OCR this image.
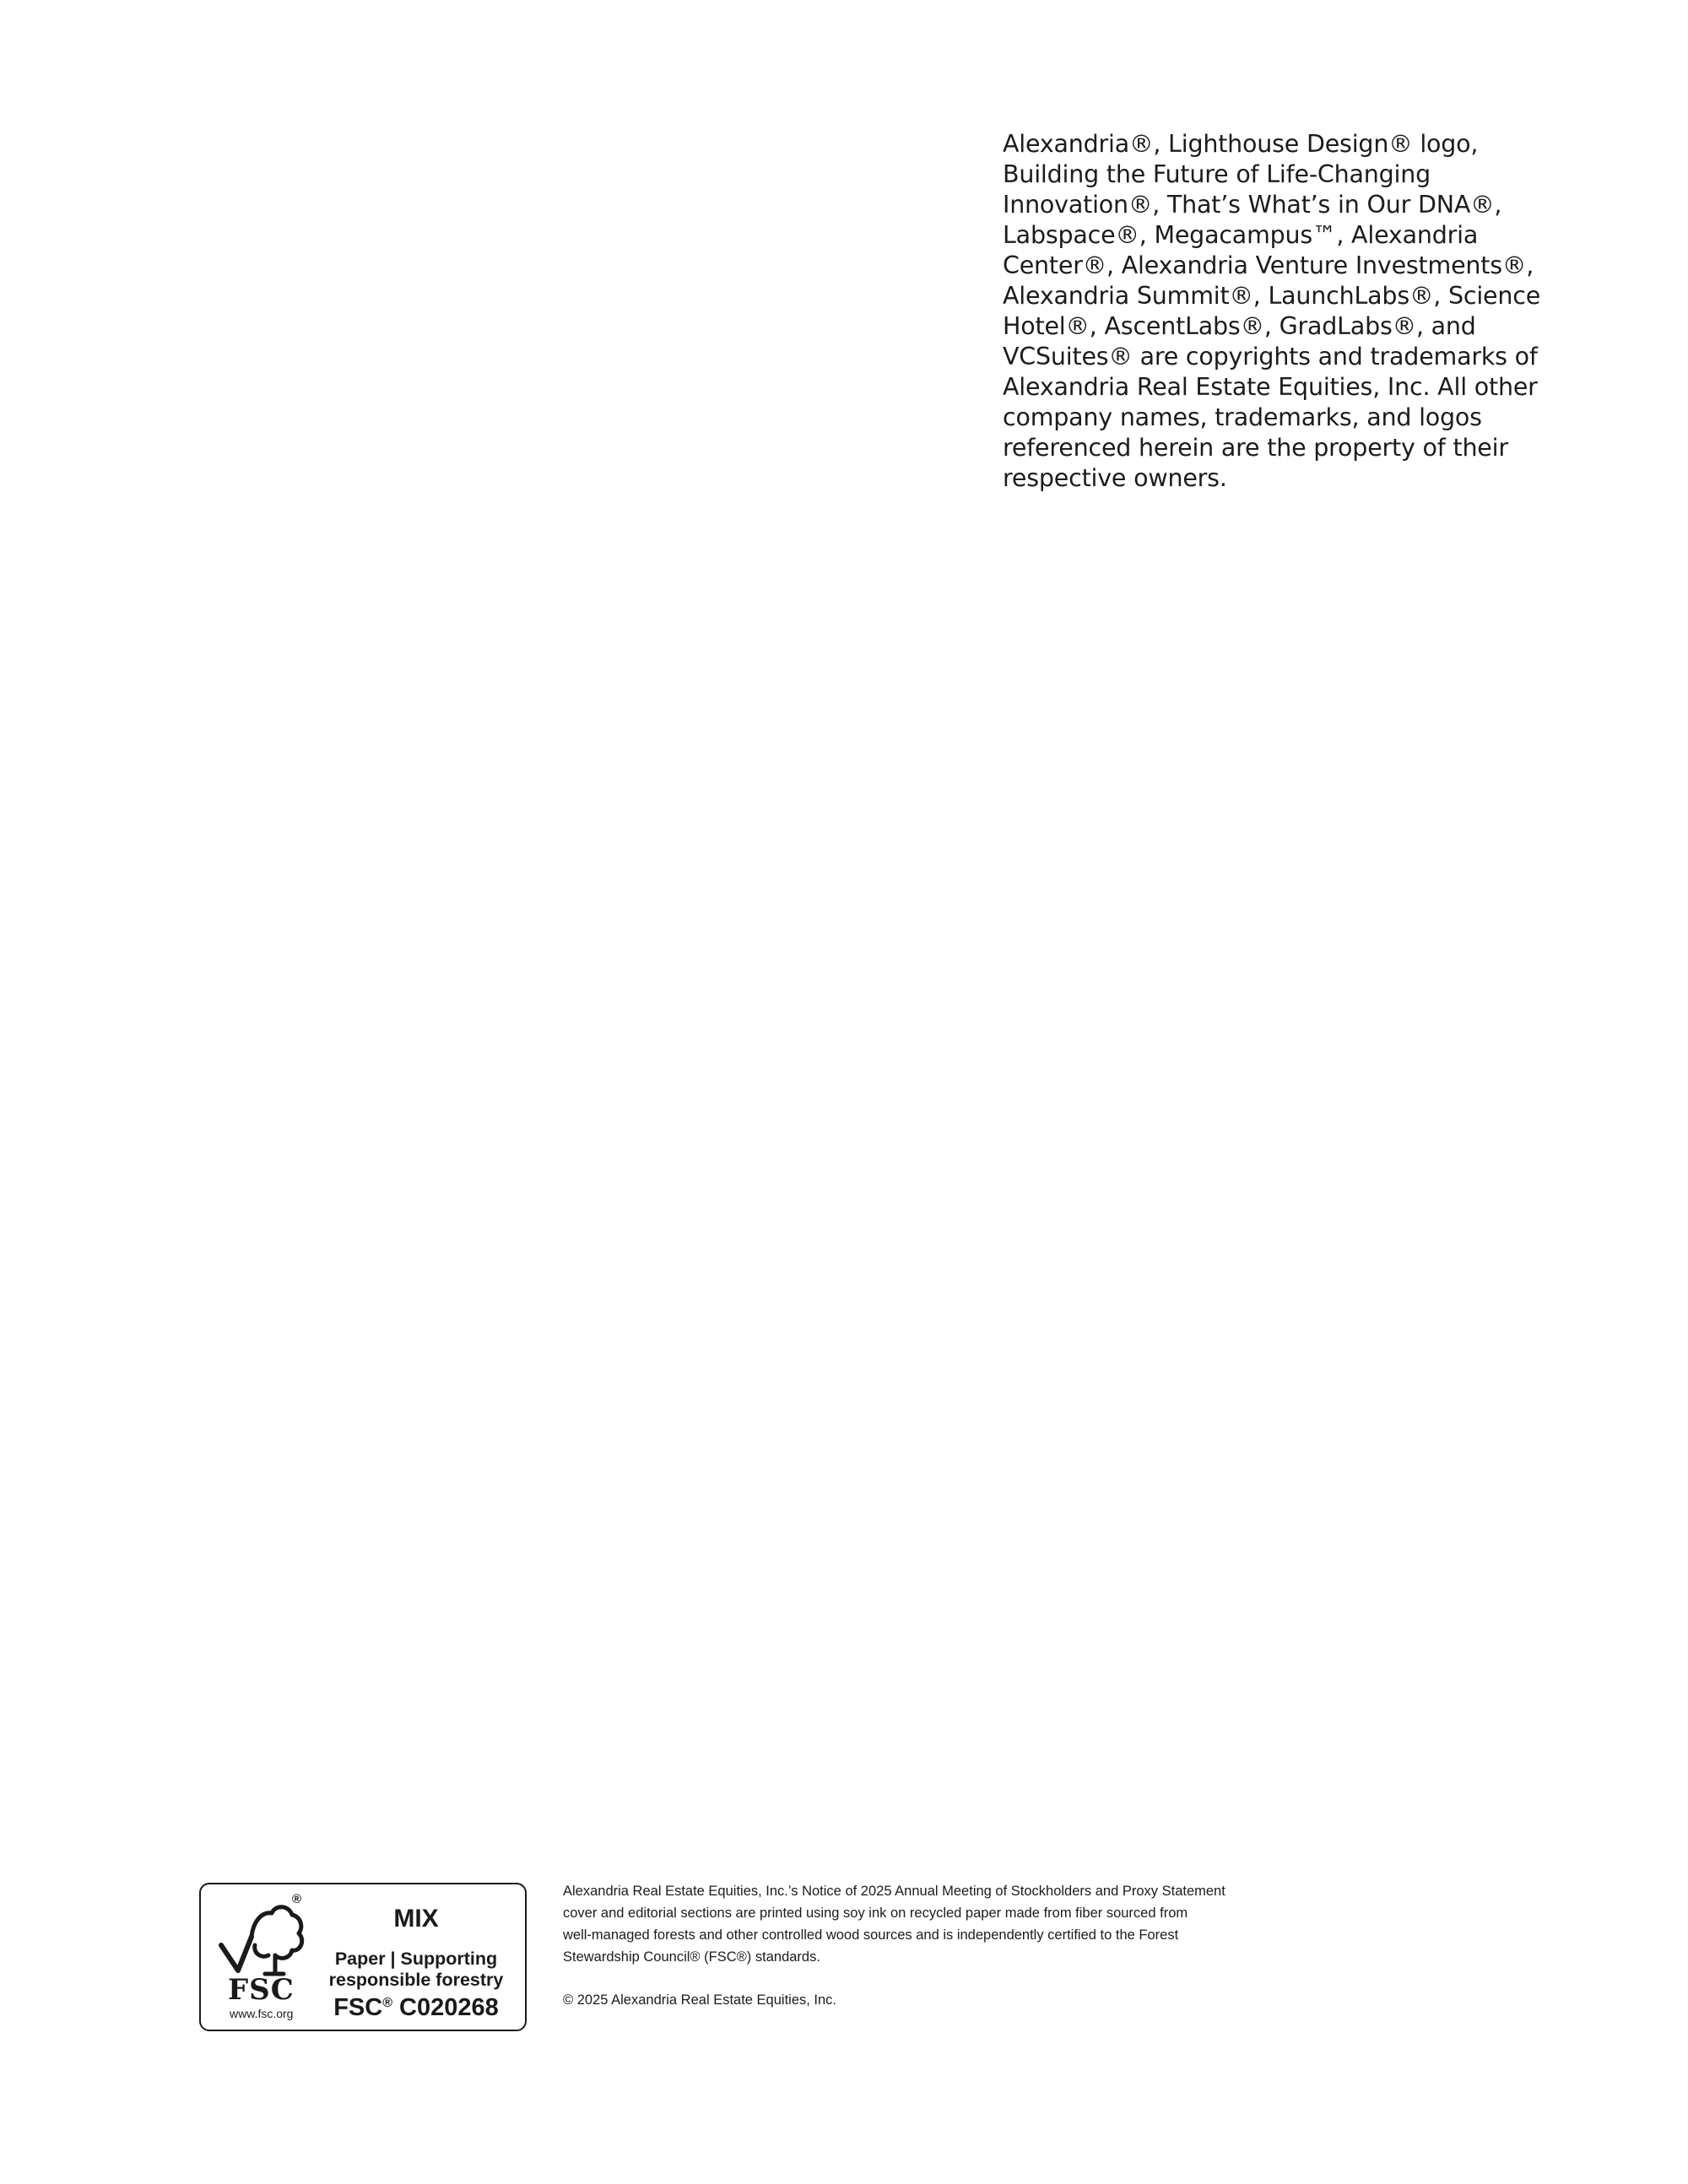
Alexandria®, Lighthouse Design® logo,
Building the Future of Life-Changing
Innovation®, That’s What’s in Our DNA®,
Labspace®, Megacampus™, Alexandria
Center®, Alexandria Venture Investments®,
Alexandria Summit®, LaunchLabs®, Science
Hotel®, AscentLabs®, GradLabs®, and
VCSuites® are copyrights and trademarks of
Alexandria Real Estate Equities, Inc. All other
company names, trademarks, and logos
referenced herein are the property of their
respective owners.
®
FSC
www.fsc.org
MIX
Paper | Supporting
responsible forestry
FSC® C020268
Alexandria Real Estate Equities, Inc.’s Notice of 2025 Annual Meeting of Stockholders and Proxy Statement
cover and editorial sections are printed using soy ink on recycled paper made from fiber sourced from
well-managed forests and other controlled wood sources and is independently certified to the Forest
Stewardship Council® (FSC®) standards.
© 2025 Alexandria Real Estate Equities, Inc.
